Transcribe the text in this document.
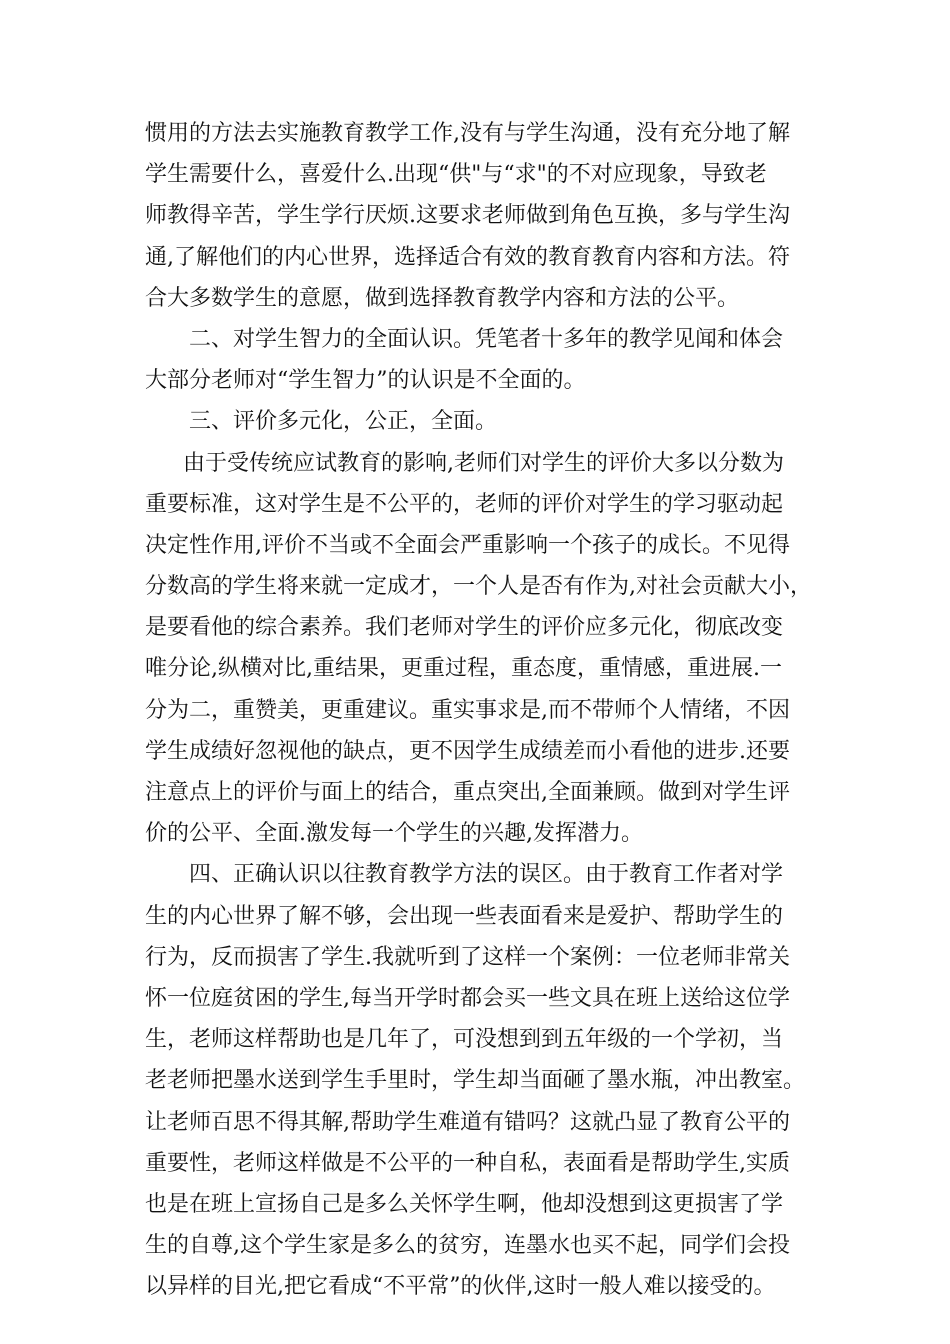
惯用的方法去实施教育教学工作,没有与学生沟通，没有充分地了解
学生需要什么，喜爱什么.出现“供"与“求"的不对应现象，导致老
师教得辛苦，学生学行厌烦.这要求老师做到角色互换，多与学生沟
通,了解他们的内心世界，选择适合有效的教育教育内容和方法。符
合大多数学生的意愿，做到选择教育教学内容和方法的公平。
二、对学生智力的全面认识。凭笔者十多年的教学见闻和体会
大部分老师对“学生智力”的认识是不全面的。
三、评价多元化，公正，全面。
由于受传统应试教育的影响,老师们对学生的评价大多以分数为
重要标准，这对学生是不公平的，老师的评价对学生的学习驱动起
决定性作用,评价不当或不全面会严重影响一个孩子的成长。不见得
分数高的学生将来就一定成才，一个人是否有作为,对社会贡献大小，
是要看他的综合素养。我们老师对学生的评价应多元化，彻底改变
唯分论,纵横对比,重结果，更重过程，重态度，重情感，重进展.一
分为二，重赞美，更重建议。重实事求是,而不带师个人情绪，不因
学生成绩好忽视他的缺点，更不因学生成绩差而小看他的进步.还要
注意点上的评价与面上的结合，重点突出,全面兼顾。做到对学生评
价的公平、全面.激发每一个学生的兴趣,发挥潜力。
四、正确认识以往教育教学方法的误区。由于教育工作者对学
生的内心世界了解不够，会出现一些表面看来是爱护、帮助学生的
行为，反而损害了学生.我就听到了这样一个案例：一位老师非常关
怀一位庭贫困的学生,每当开学时都会买一些文具在班上送给这位学
生，老师这样帮助也是几年了，可没想到到五年级的一个学初，当
老老师把墨水送到学生手里时，学生却当面砸了墨水瓶，冲出教室。
让老师百思不得其解,帮助学生难道有错吗？这就凸显了教育公平的
重要性，老师这样做是不公平的一种自私，表面看是帮助学生,实质
也是在班上宣扬自己是多么关怀学生啊，他却没想到这更损害了学
生的自尊,这个学生家是多么的贫穷，连墨水也买不起，同学们会投
以异样的目光,把它看成“不平常”的伙伴,这时一般人难以接受的。
